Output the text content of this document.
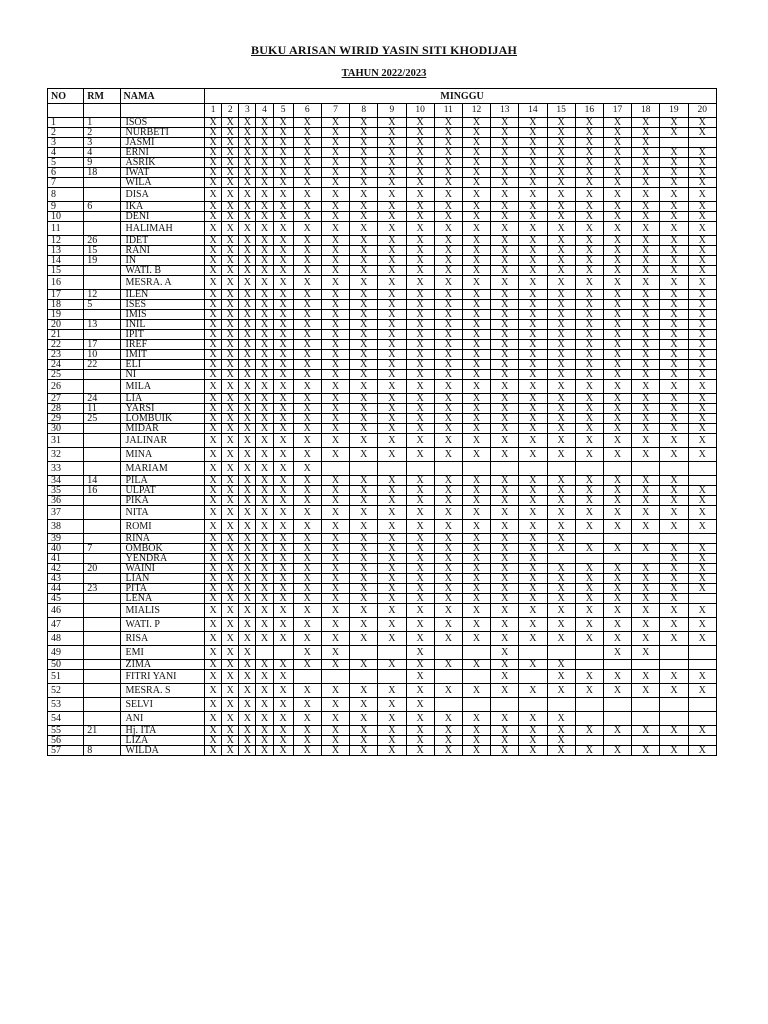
BUKU ARISAN WIRID YASIN SITI KHODIJAH
TAHUN 2022/2023
NO	RM	NAMA	MINGGU																			
			1	2	3	4	5	6	7	8	9	10	11	12	13	14	15	16	17	18	19	20
1	1	ISOS	X	X	X	X	X	X	X	X	X	X	X	X	X	X	X	X	X	X	X	X
2	2	NURBETI	X	X	X	X	X	X	X	X	X	X	X	X	X	X	X	X	X	X	X	X
3	3	JASMI	X	X	X	X	X	X	X	X	X	X	X	X	X	X	X	X	X	X		
4	4	ERNI	X	X	X	X	X	X	X	X	X	X	X	X	X	X	X	X	X	X	X	X
5	9	ASRIK	X	X	X	X	X	X	X	X	X	X	X	X	X	X	X	X	X	X	X	X
6	18	IWAT	X	X	X	X	X	X	X	X	X	X	X	X	X	X	X	X	X	X	X	X
7		WILA	X	X	X	X	X	X	X	X	X	X	X	X	X	X	X	X	X	X	X	X
8		DISA	X	X	X	X	X	X	X	X	X	X	X	X	X	X	X	X	X	X	X	X
9	6	IKA	X	X	X	X	X	X	X	X	X	X	X	X	X	X	X	X	X	X	X	X
10		DENI	X	X	X	X	X	X	X	X	X	X	X	X	X	X	X	X	X	X	X	X
11		HALIMAH	X	X	X	X	X	X	X	X	X	X	X	X	X	X	X	X	X	X	X	X
12	26	IDET	X	X	X	X	X	X	X	X	X	X	X	X	X	X	X	X	X	X	X	X
13	15	RANI	X	X	X	X	X	X	X	X	X	X	X	X	X	X	X	X	X	X	X	X
14	19	IN	X	X	X	X	X	X	X	X	X	X	X	X	X	X	X	X	X	X	X	X
15		WATI. B	X	X	X	X	X	X	X	X	X	X	X	X	X	X	X	X	X	X	X	X
16		MESRA. A	X	X	X	X	X	X	X	X	X	X	X	X	X	X	X	X	X	X	X	X
17	12	ILEN	X	X	X	X	X	X	X	X	X	X	X	X	X	X	X	X	X	X	X	X
18	5	ISES	X	X	X	X	X	X	X	X	X	X	X	X	X	X	X	X	X	X	X	X
19		IMIS	X	X	X	X	X	X	X	X	X	X	X	X	X	X	X	X	X	X	X	X
20	13	INIL	X	X	X	X	X	X	X	X	X	X	X	X	X	X	X	X	X	X	X	X
21		IPIT	X	X	X	X	X	X	X	X	X	X	X	X	X	X	X	X	X	X	X	X
22	17	IREF	X	X	X	X	X	X	X	X	X	X	X	X	X	X	X	X	X	X	X	X
23	10	IMIT	X	X	X	X	X	X	X	X	X	X	X	X	X	X	X	X	X	X	X	X
24	22	ELI	X	X	X	X	X	X	X	X	X	X	X	X	X	X	X	X	X	X	X	X
25		NI	X	X	X	X	X	X	X	X	X	X	X	X	X	X	X	X	X	X	X	X
26		MILA	X	X	X	X	X	X	X	X	X	X	X	X	X	X	X	X	X	X	X	X
27	24	LIA	X	X	X	X	X	X	X	X	X	X	X	X	X	X	X	X	X	X	X	X
28	11	YARSI	X	X	X	X	X	X	X	X	X	X	X	X	X	X	X	X	X	X	X	X
29	25	LOMBUIK	X	X	X	X	X	X	X	X	X	X	X	X	X	X	X	X	X	X	X	X
30		MIDAR	X	X	X	X	X	X	X	X	X	X	X	X	X	X	X	X	X	X	X	X
31		JALINAR	X	X	X	X	X	X	X	X	X	X	X	X	X	X	X	X	X	X	X	X
32		MINA	X	X	X	X	X	X	X	X	X	X	X	X	X	X	X	X	X	X	X	X
33		MARIAM	X	X	X	X	X	X														
34	14	PILA	X	X	X	X	X	X	X	X	X	X	X	X	X	X	X	X	X	X	X	
35	16	ULPAT	X	X	X	X	X	X	X	X	X	X	X	X	X	X	X	X	X	X	X	X
36		PIKA	X	X	X	X	X	X	X	X	X	X	X	X	X	X	X	X	X	X	X	X
37		NITA	X	X	X	X	X	X	X	X	X	X	X	X	X	X	X	X	X	X	X	X
38		ROMI	X	X	X	X	X	X	X	X	X	X	X	X	X	X	X	X	X	X	X	X
39		RINA	X	X	X	X	X	X	X	X	X	X	X	X	X	X	X					
40	7	OMBOK	X	X	X	X	X	X	X	X	X	X	X	X	X	X	X	X	X	X	X	X
41		YENDRA	X	X	X	X	X	X	X	X	X	X	X	X	X	X					X	X
42	20	WAINI	X	X	X	X	X	X	X	X	X	X	X	X	X	X	X	X	X	X	X	X
43		LIAN	X	X	X	X	X	X	X	X	X	X	X	X	X	X	X	X	X	X	X	X
44	23	PITA	X	X	X	X	X	X	X	X	X	X	X	X	X	X	X	X	X	X	X	X
45		LENA	X	X	X	X	X	X	X	X	X	X	X	X	X	X	X	X	X	X	X	
46		MIALIS	X	X	X	X	X	X	X	X	X	X	X	X	X	X	X	X	X	X	X	X
47		WATI. P	X	X	X	X	X	X	X	X	X	X	X	X	X	X	X	X	X	X	X	X
48		RISA	X	X	X	X	X	X	X	X	X	X	X	X	X	X	X	X	X	X	X	X
49		EMI	X	X	X			X	X			X			X				X	X		
50		ZIMA	X	X	X	X	X	X	X	X	X	X	X	X	X	X	X					
51		FITRI YANI	X	X	X	X	X					X			X		X	X	X	X	X	X
52		MESRA. S	X	X	X	X	X	X	X	X	X	X	X	X	X	X	X	X	X	X	X	X
53		SELVI	X	X	X	X	X	X	X	X	X	X										
54		ANI	X	X	X	X	X	X	X	X	X	X	X	X	X	X	X					
55	21	Hj. ITA	X	X	X	X	X	X	X	X	X	X	X	X	X	X	X	X	X	X	X	X
56		LIZA	X	X	X	X	X	X	X	X	X	X	X	X	X	X	X					
57	8	WILDA	X	X	X	X	X	X	X	X	X	X	X	X	X	X	X	X	X	X	X	X
